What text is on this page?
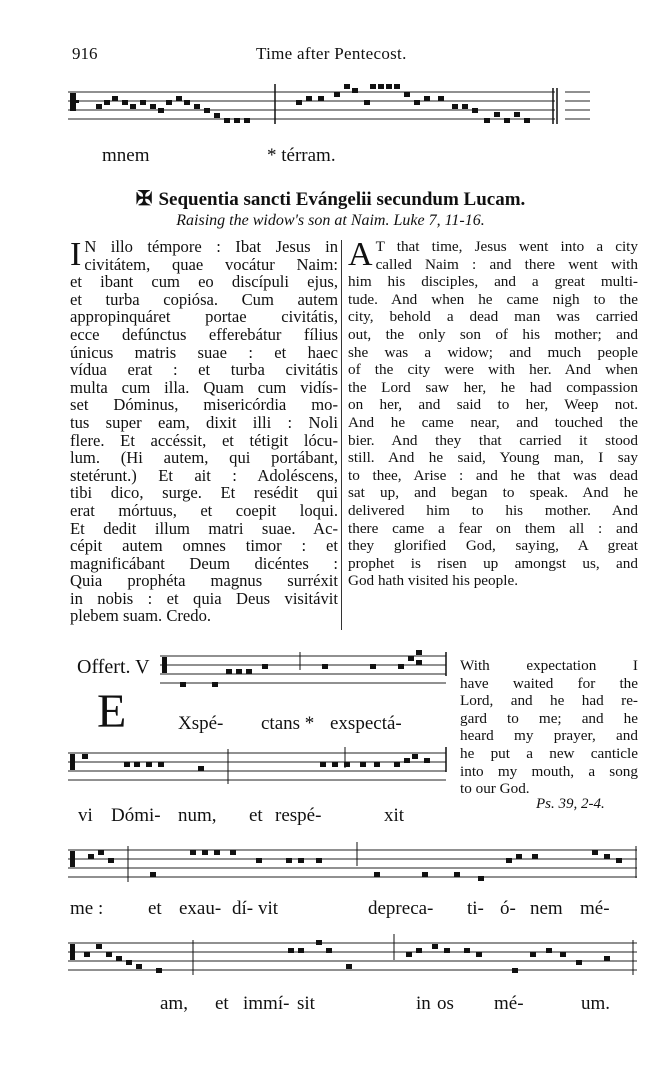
916	Time after Pentecost.
mnem	* térram.
✠ Sequentia sancti Evángelii secundum Lucam.
Raising the widow's son at Naim. Luke 7, 11-16.
I N illo témpore : Ibat Jesus in
civitátem, quae vocátur Naim:
et ibant cum eo discípuli ejus,
et turba copiósa. Cum autem
appropinquáret portae civitátis,
ecce defúnctus efferebátur fílius
únicus matris suae : et haec
vídua erat : et turba civitátis
multa cum illa. Quam cum vidís-
set Dóminus, misericórdia mo-
tus super eam, dixit illi : Noli
flere. Et accéssit, et tétigit lócu-
lum. (Hi autem, qui portábant,
stetérunt.) Et ait : Adoléscens,
tibi dico, surge. Et resédit qui
erat mórtuus, et coepit loqui.
Et dedit illum matri suae. Ac-
cépit autem omnes timor : et
magnificábant Deum dicéntes :
Quia prophéta magnus surréxit
in nobis : et quia Deus visitávit
plebem suam. Credo.
A T that time, Jesus went into a city
called Naim : and there went with
him his disciples, and a great multi-
tude. And when he came nigh to the
city, behold a dead man was carried
out, the only son of his mother; and
she was a widow; and much people
of the city were with her. And when
the Lord saw her, he had compassion
on her, and said to her, Weep not.
And he came near, and touched the
bier. And they that carried it stood
still. And he said, Young man, I say
to thee, Arise : and he that was dead
sat up, and began to speak. And he
delivered him to his mother. And
there came a fear on them all : and
they glorified God, saying, A great
prophet is risen up amongst us, and
God hath visited his people.
Offert. V
E	Xspé- ctans * exspectá-
vi Dómi- num, et respé-	xit
With expectation I
have waited for the
Lord, and he had re-
gard to me; and he
heard my prayer, and
he put a new canticle
into my mouth, a song
to our God.
Ps. 39, 2-4.
me : et exau- dí- vit	depreca- ti- ó- nem mé-
am, et immí- sit	in os mé-	um.
